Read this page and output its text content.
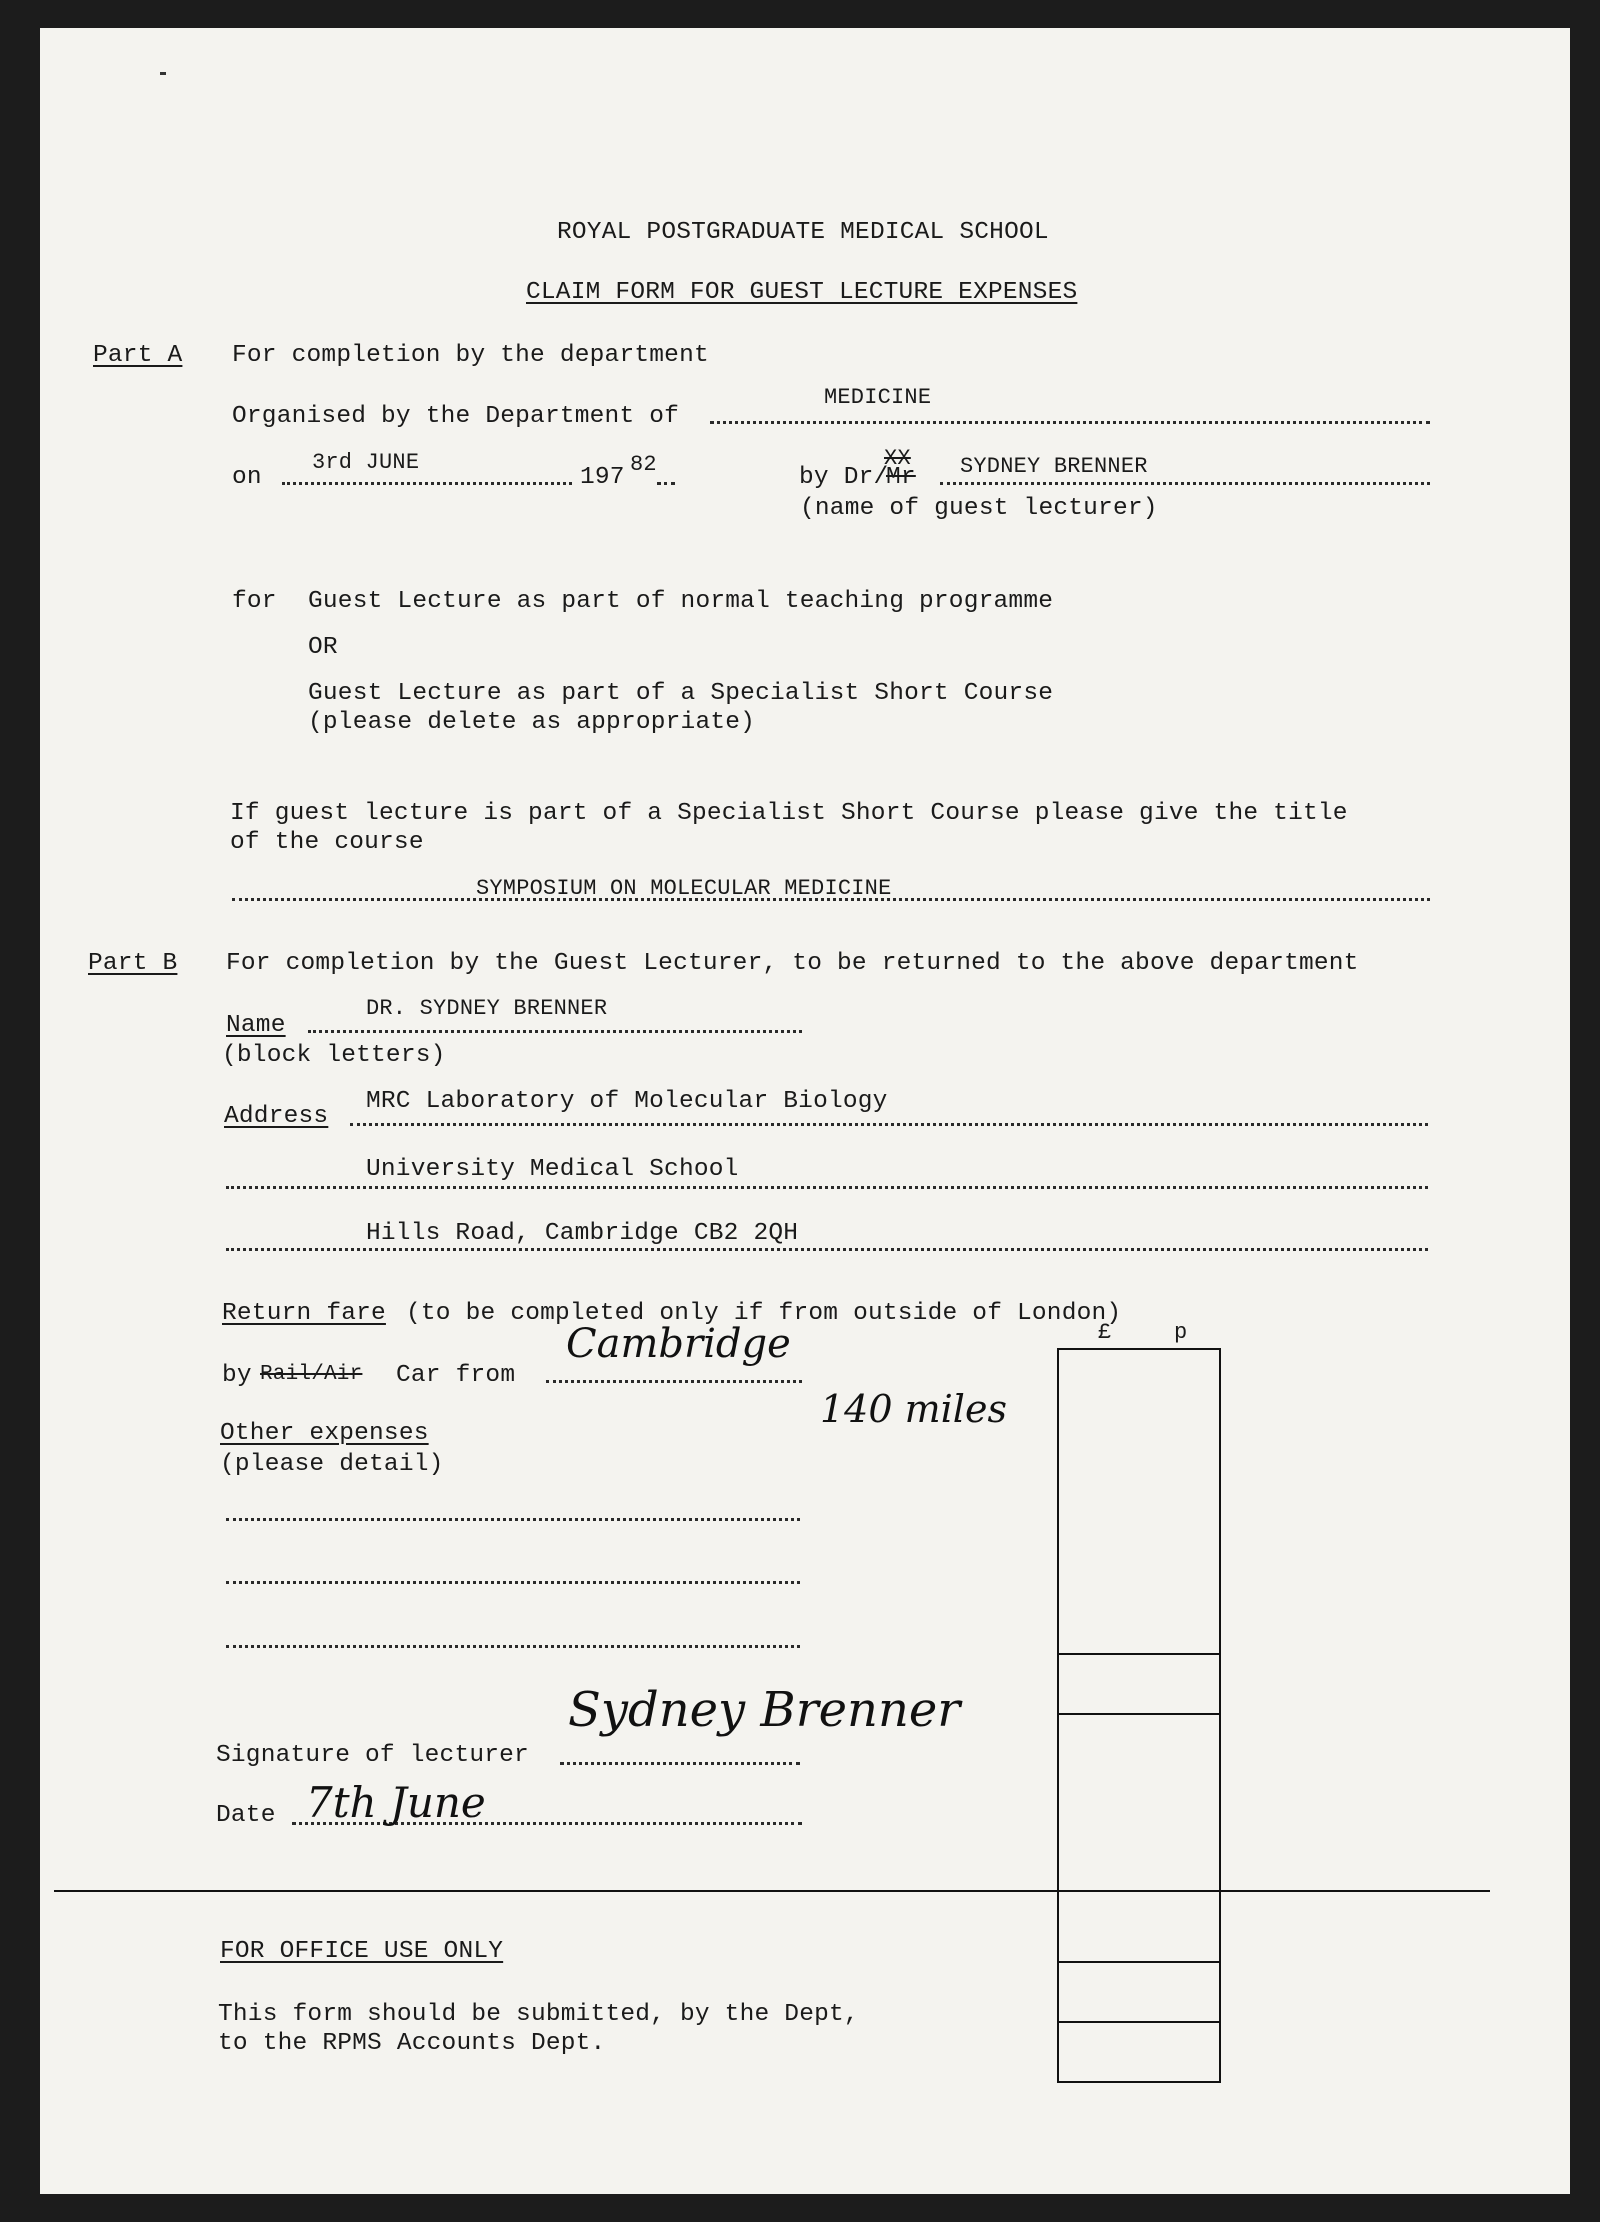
ROYAL POSTGRADUATE MEDICAL SCHOOL
CLAIM FORM FOR GUEST LECTURE EXPENSES
Part A For completion by the department
MEDICINE
Organised by the Department of
on
3rd JUNE
197 82	by Dr/
Mr
XX SYDNEY BRENNER
(name of guest lecturer)
for Guest Lecture as part of normal teaching programme
OR
Guest Lecture as part of a Specialist Short Course
(please delete as appropriate)
If guest lecture is part of a Specialist Short Course please give the title
of the course
SYMPOSIUM ON MOLECULAR MEDICINE
Part B For completion by the Guest Lecturer, to be returned to the above department
DR. SYDNEY BRENNER
Name
(block letters)
MRC Laboratory of Molecular Biology
Address
University Medical School
Hills Road, Cambridge CB2 2QH
Return fare (to be completed only if from outside of London)
by Rail/Air Car from
Cambridge
140 miles
Other expenses
(please detail)
Signature of lecturer
Sydney Brenner
Date 7th June
£	p
FOR OFFICE USE ONLY
This form should be submitted, by the Dept,
to the RPMS Accounts Dept.
